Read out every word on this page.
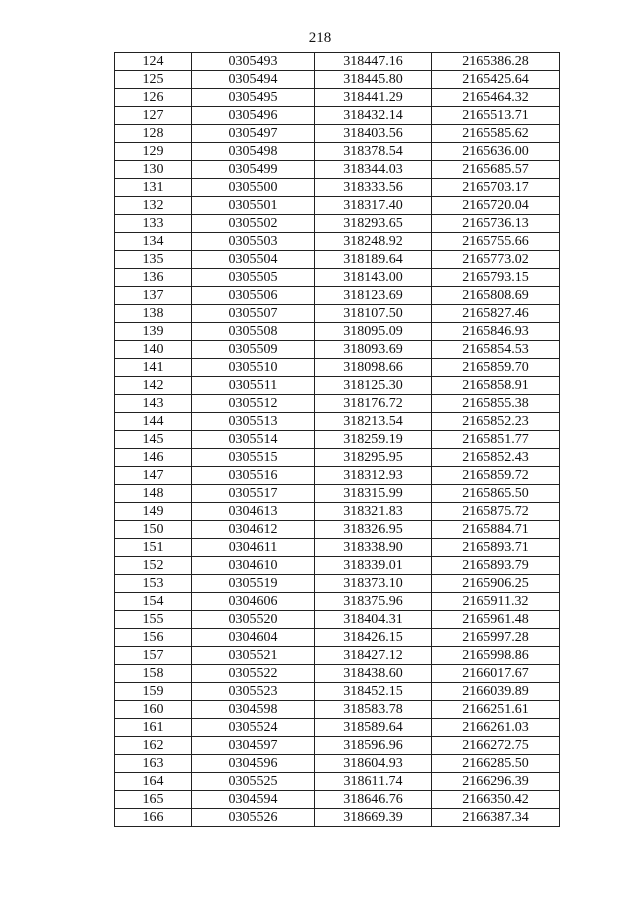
218
124	0305493	318447.16	2165386.28
125	0305494	318445.80	2165425.64
126	0305495	318441.29	2165464.32
127	0305496	318432.14	2165513.71
128	0305497	318403.56	2165585.62
129	0305498	318378.54	2165636.00
130	0305499	318344.03	2165685.57
131	0305500	318333.56	2165703.17
132	0305501	318317.40	2165720.04
133	0305502	318293.65	2165736.13
134	0305503	318248.92	2165755.66
135	0305504	318189.64	2165773.02
136	0305505	318143.00	2165793.15
137	0305506	318123.69	2165808.69
138	0305507	318107.50	2165827.46
139	0305508	318095.09	2165846.93
140	0305509	318093.69	2165854.53
141	0305510	318098.66	2165859.70
142	0305511	318125.30	2165858.91
143	0305512	318176.72	2165855.38
144	0305513	318213.54	2165852.23
145	0305514	318259.19	2165851.77
146	0305515	318295.95	2165852.43
147	0305516	318312.93	2165859.72
148	0305517	318315.99	2165865.50
149	0304613	318321.83	2165875.72
150	0304612	318326.95	2165884.71
151	0304611	318338.90	2165893.71
152	0304610	318339.01	2165893.79
153	0305519	318373.10	2165906.25
154	0304606	318375.96	2165911.32
155	0305520	318404.31	2165961.48
156	0304604	318426.15	2165997.28
157	0305521	318427.12	2165998.86
158	0305522	318438.60	2166017.67
159	0305523	318452.15	2166039.89
160	0304598	318583.78	2166251.61
161	0305524	318589.64	2166261.03
162	0304597	318596.96	2166272.75
163	0304596	318604.93	2166285.50
164	0305525	318611.74	2166296.39
165	0304594	318646.76	2166350.42
166	0305526	318669.39	2166387.34
